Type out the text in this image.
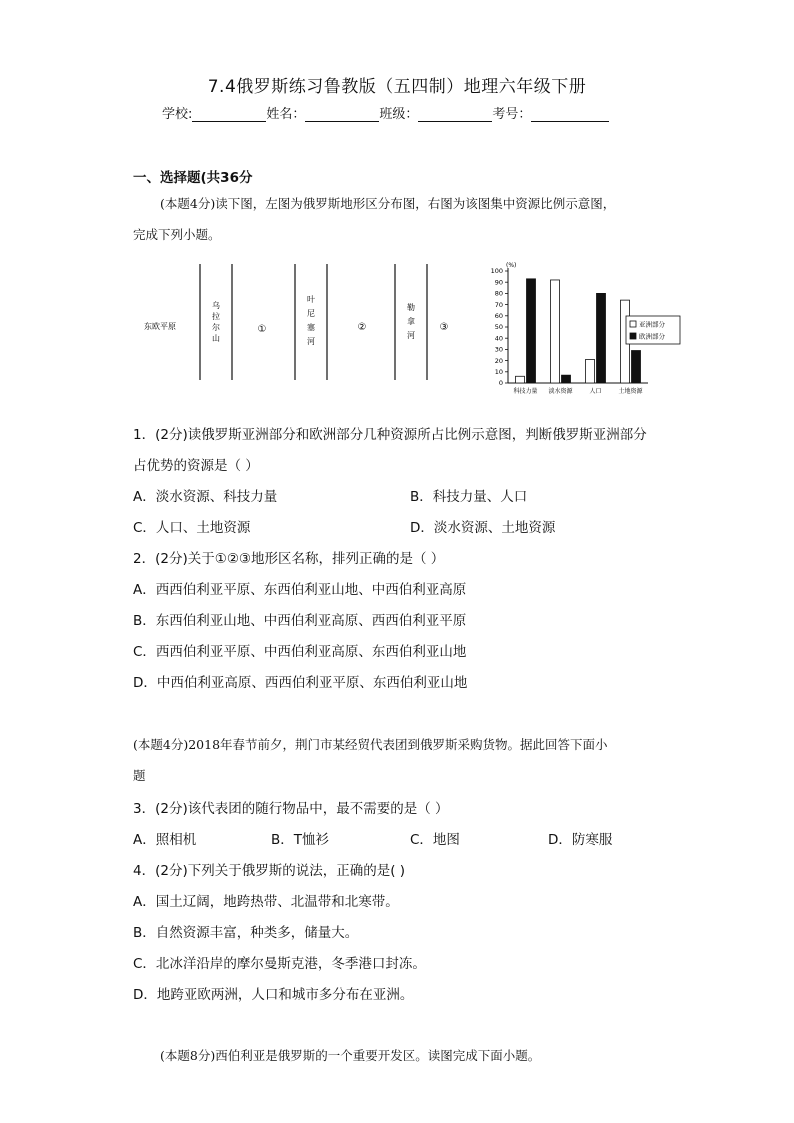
7.4俄罗斯练习鲁教版（五四制）地理六年级下册
学校:	姓名：	班级：	考号：
一、选择题(共36分
(本题4分)读下图，左图为俄罗斯地形区分布图，右图为该图集中资源比例示意图，
完成下列小题。
东欧平原
乌拉尔山
叶尼塞河
勒拿河
①	②	③
(%)
0
10
20
30
40
50
60
70
80
90
100
科技力量 淡水资源	人口	土地资源
亚洲部分
欧洲部分
1．(2分)读俄罗斯亚洲部分和欧洲部分几种资源所占比例示意图，判断俄罗斯亚洲部分
占优势的资源是（ ）
A．淡水资源、科技力量	B．科技力量、人口
C．人口、土地资源	D．淡水资源、土地资源
2．(2分)关于①②③地形区名称，排列正确的是（ ）
A．西西伯利亚平原、东西伯利亚山地、中西伯利亚高原
B．东西伯利亚山地、中西伯利亚高原、西西伯利亚平原
C．西西伯利亚平原、中西伯利亚高原、东西伯利亚山地
D．中西伯利亚高原、西西伯利亚平原、东西伯利亚山地
(本题4分)2018年春节前夕，荆门市某经贸代表团到俄罗斯采购货物。据此回答下面小
题
3．(2分)该代表团的随行物品中，最不需要的是（ ）
A．照相机	B．T恤衫	C．地图	D．防寒服
4．(2分)下列关于俄罗斯的说法，正确的是( )
A．国土辽阔，地跨热带、北温带和北寒带。
B．自然资源丰富，种类多，储量大。
C．北冰洋沿岸的摩尔曼斯克港，冬季港口封冻。
D．地跨亚欧两洲，人口和城市多分布在亚洲。
(本题8分)西伯利亚是俄罗斯的一个重要开发区。读图完成下面小题。
